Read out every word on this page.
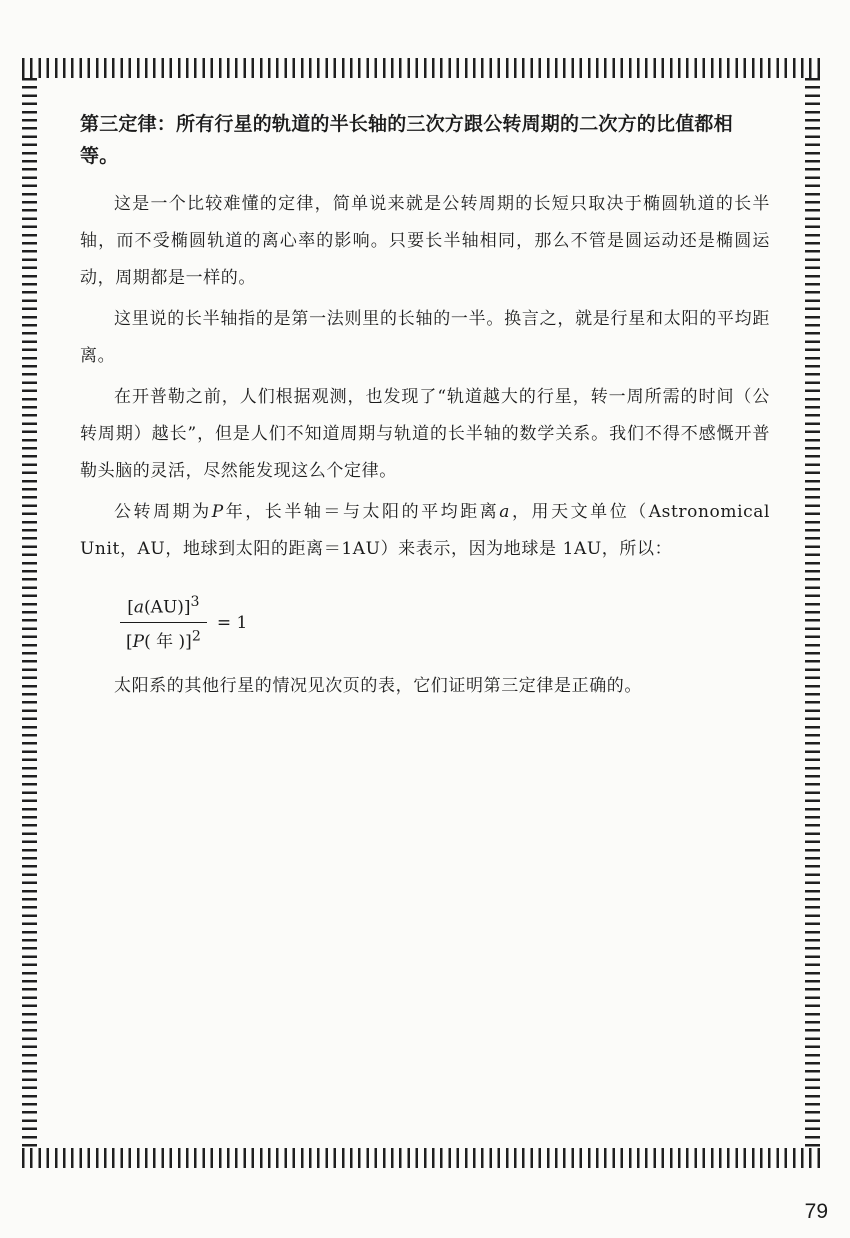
第三定律：所有行星的轨道的半长轴的三次方跟公转周期的二次方的比值都相等。

这是一个比较难懂的定律，简单说来就是公转周期的长短只取决于椭圆轨道的长半轴，而不受椭圆轨道的离心率的影响。只要长半轴相同，那么不管是圆运动还是椭圆运动，周期都是一样的。

这里说的长半轴指的是第一法则里的长轴的一半。换言之，就是行星和太阳的平均距离。

在开普勒之前，人们根据观测，也发现了“轨道越大的行星，转一周所需的时间（公转周期）越长”，但是人们不知道周期与轨道的长半轴的数学关系。我们不得不感慨开普勒头脑的灵活，尽然能发现这么个定律。

公转周期为P年，长半轴＝与太阳的平均距离a，用天文单位（Astronomical Unit，AU，地球到太阳的距离＝1AU）来表示，因为地球是 1AU，所以：

$\frac{[a(AU)]^3}{[P( 年 )]^2} = 1$

太阳系的其他行星的情况见次页的表，它们证明第三定律是正确的。

79
